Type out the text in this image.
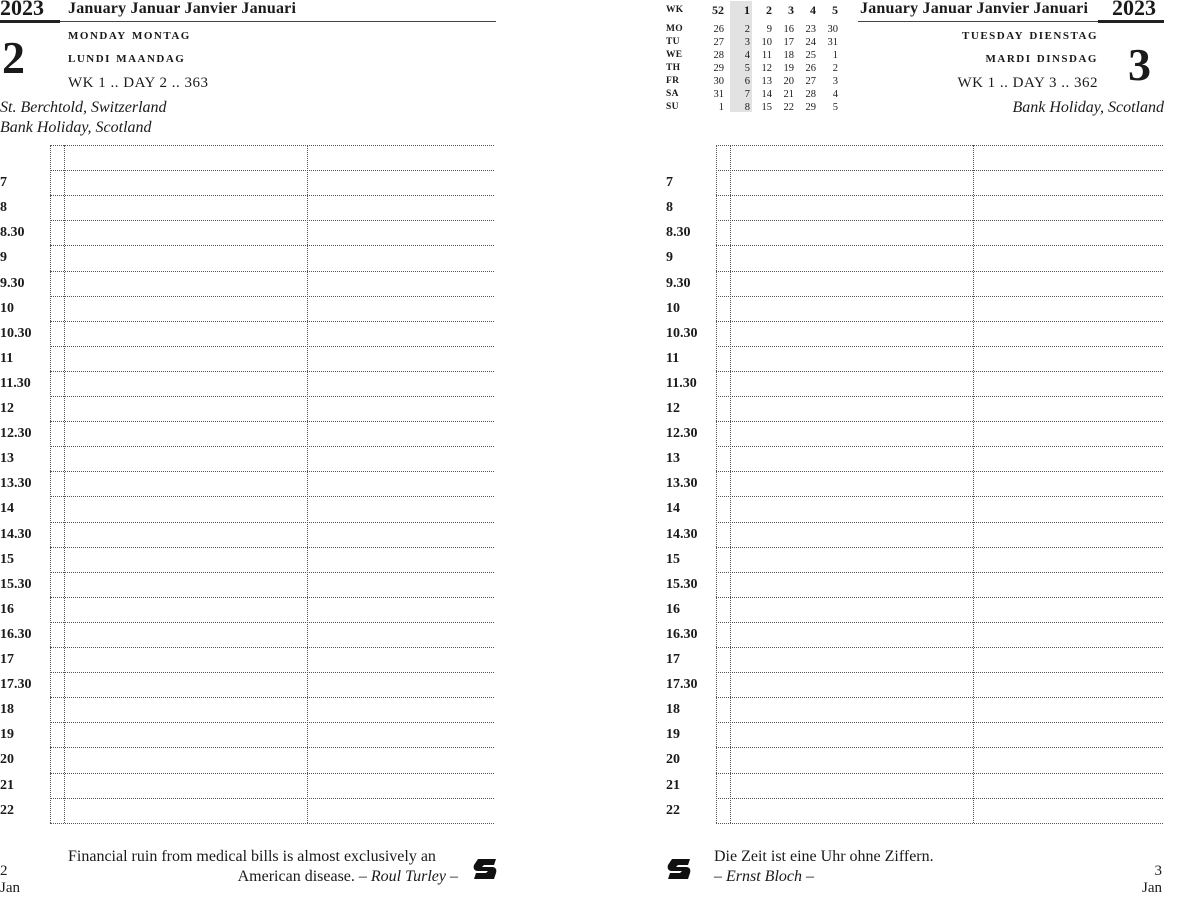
2023 January Januar Janvier Januari
2	monday montag
lundi maandag
WK 1 .. DAY 2 .. 363
St. Berchtold, Switzerland
Bank Holiday, Scotland
7
8
8.30
9
9.30
10
10.30
11
11.30
12
12.30
13
13.30
14
14.30
15
15.30
16
16.30
17
17.30
18
19
20
21
22
Financial ruin from medical bills is almost exclusively an
American disease. – Roul Turley –
2
Jan
WK	52	1	2	3	4	5
MO	26	2	9	16	23	30
TU	27	3	10	17	24	31
WE	28	4	11	18	25	1
TH	29	5	12	19	26	2
FR	30	6	13	20	27	3
SA	31	7	14	21	28	4
SU	1	8	15	22	29	5
January Januar Janvier Januari 2023
tuesday dienstag
mardi dinsdag
WK 1 .. DAY 3 .. 362 3
Bank Holiday, Scotland
7
8
8.30
9
9.30
10
10.30
11
11.30
12
12.30
13
13.30
14
14.30
15
15.30
16
16.30
17
17.30
18
19
20
21
22
Die Zeit ist eine Uhr ohne Ziffern.
– Ernst Bloch –	3
Jan
